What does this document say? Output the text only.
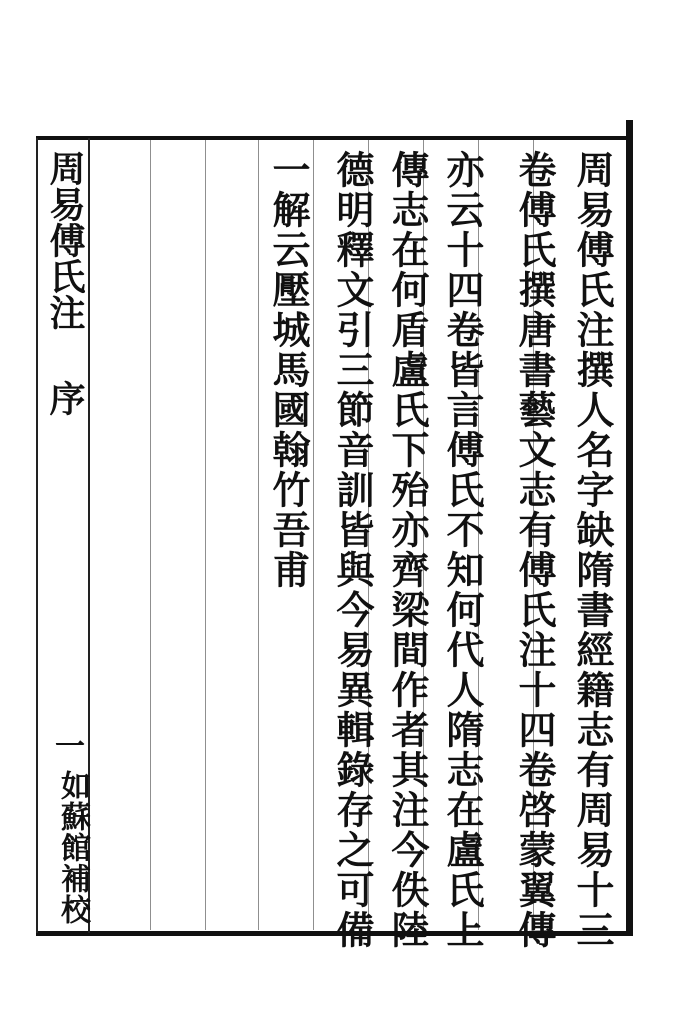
周易傅氏注
序
一
如蘇館補校	周易傅氏注撰人名字缺隋書經籍志有周易十三
卷傅氏撰唐書藝文志有傅氏注十四卷啓蒙翼傳
亦云十四卷皆言傅氏不知何代人隋志在盧氏上
傳志在何盾盧氏下殆亦齊梁間作者其注今佚陸
德明釋文引三節音訓皆與今易異輯錄存之可備
一解云壓城馬國翰竹吾甫
